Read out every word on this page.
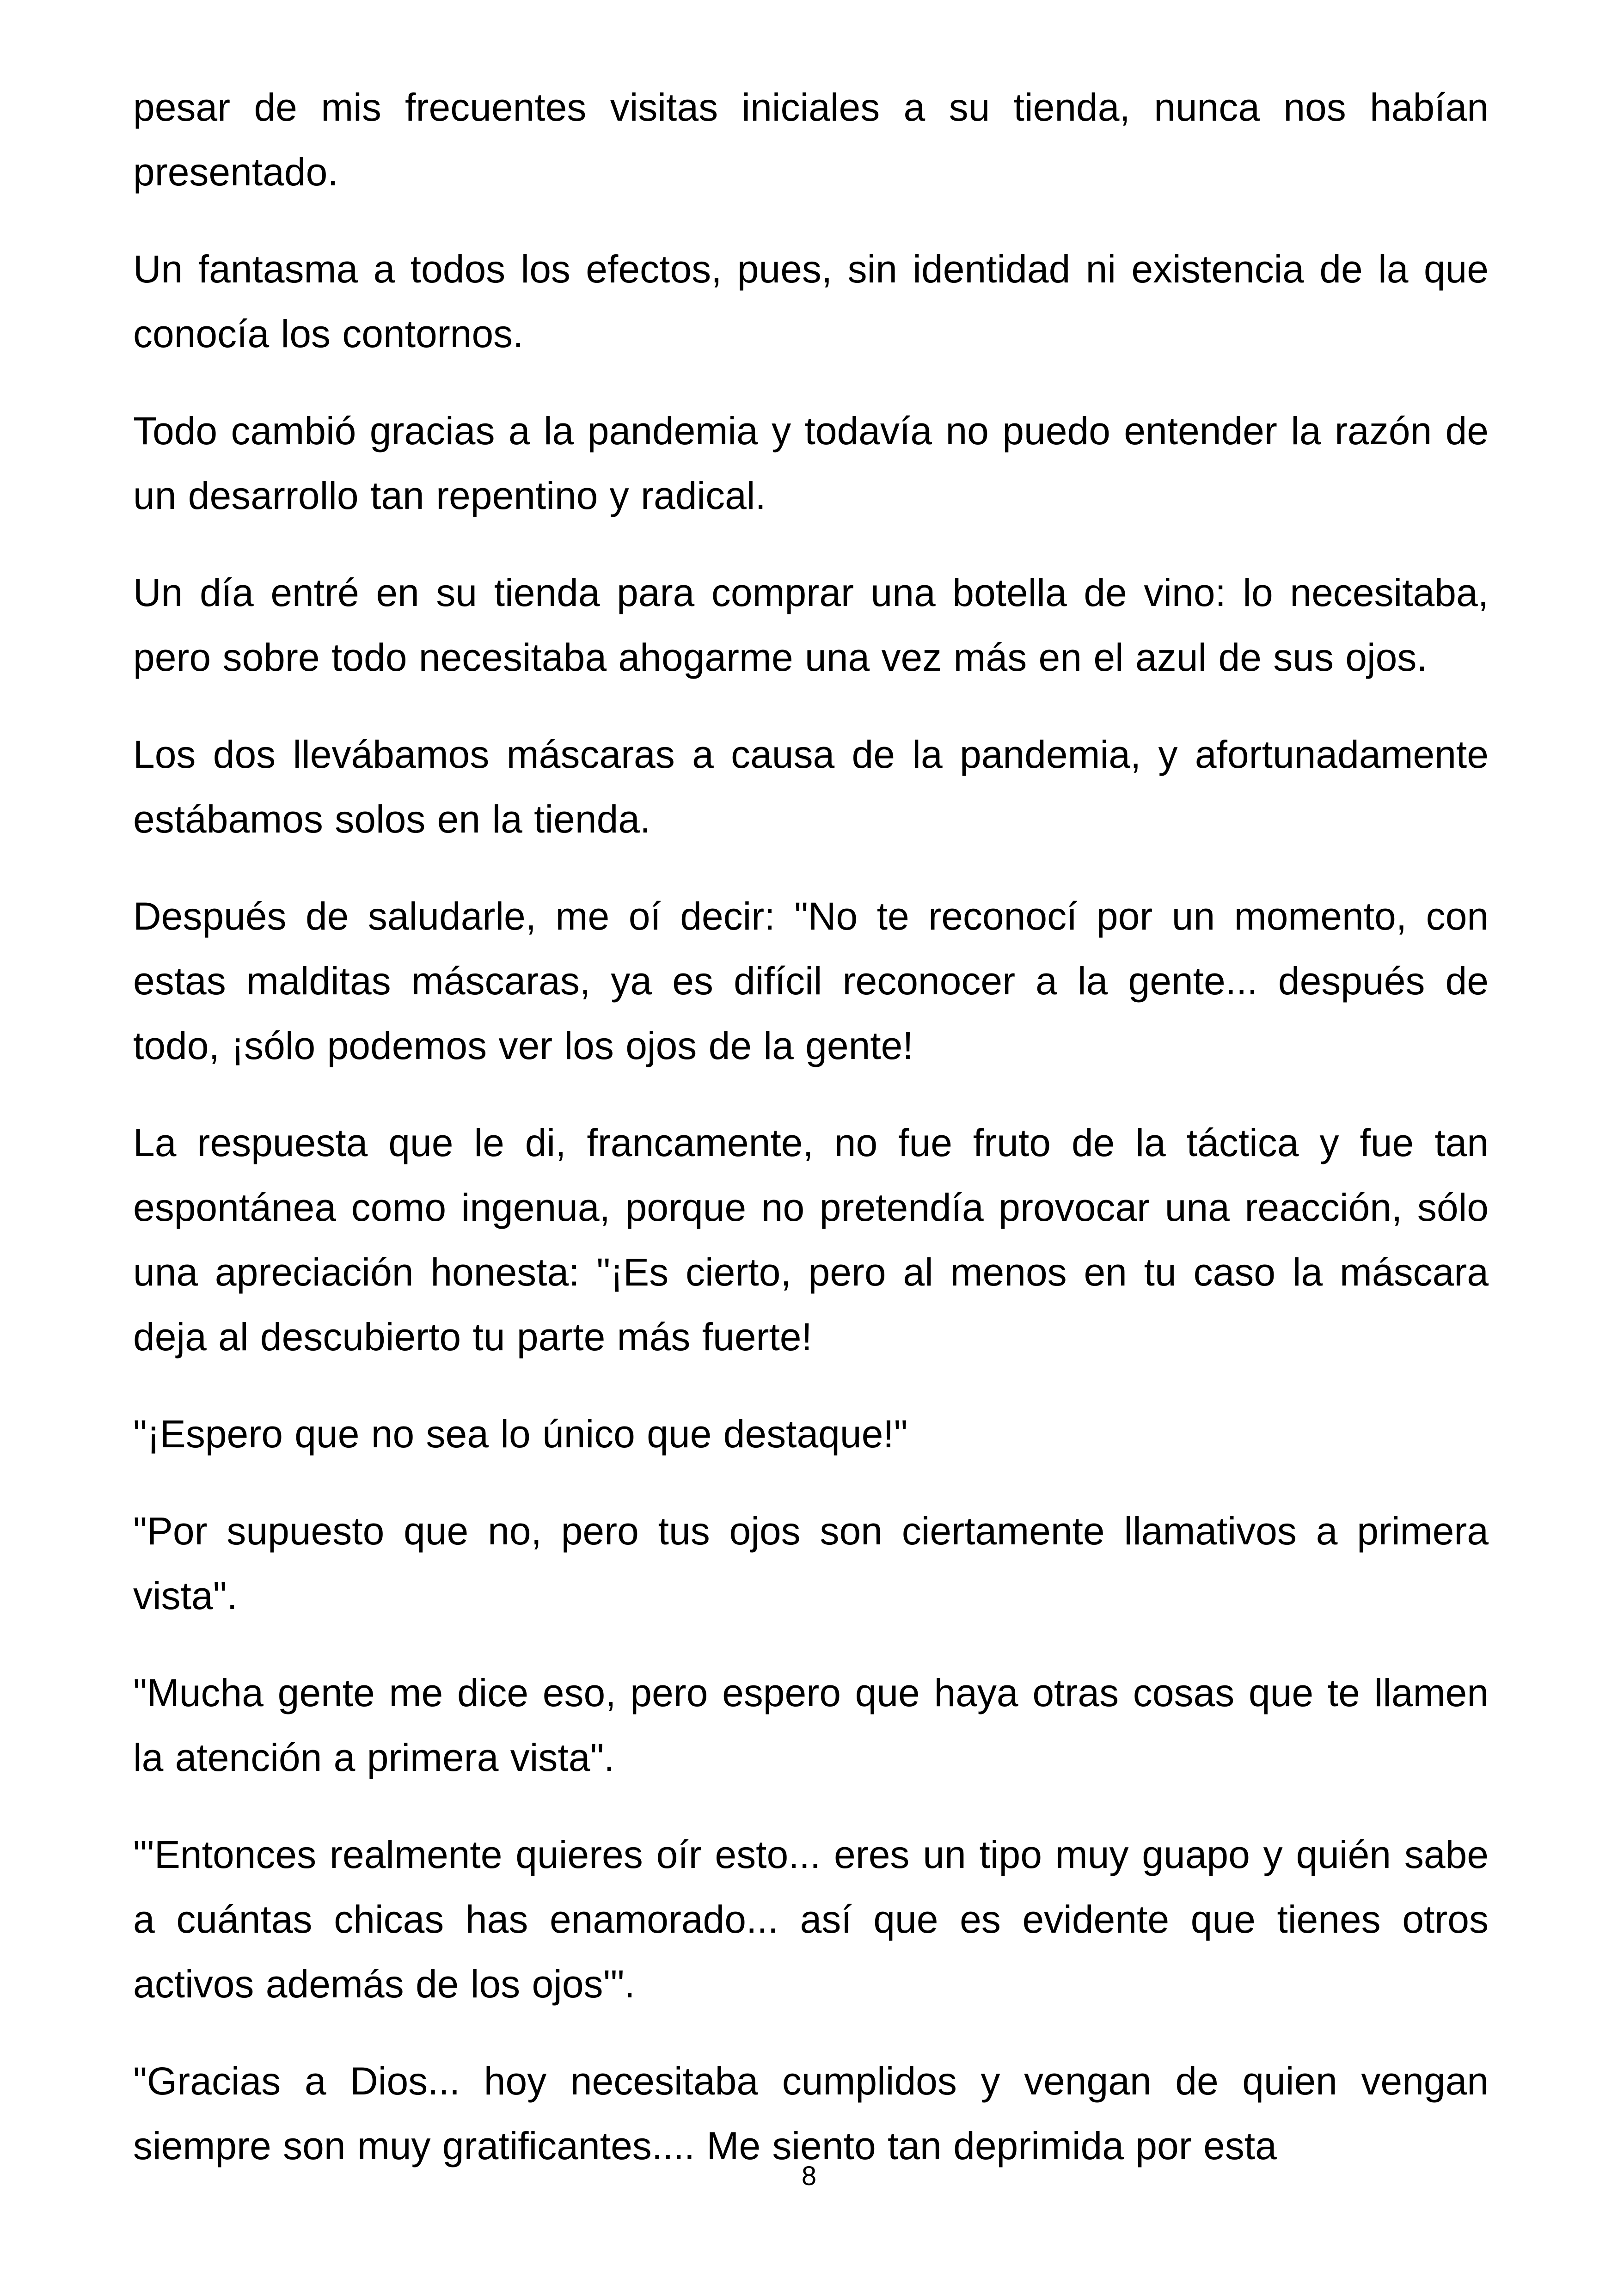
pesar de mis frecuentes visitas iniciales a su tienda, nunca nos habían presentado.

Un fantasma a todos los efectos, pues, sin identidad ni existencia de la que conocía los contornos.

Todo cambió gracias a la pandemia y todavía no puedo entender la razón de un desarrollo tan repentino y radical.

Un día entré en su tienda para comprar una botella de vino: lo necesitaba, pero sobre todo necesitaba ahogarme una vez más en el azul de sus ojos.

Los dos llevábamos máscaras a causa de la pandemia, y afortunadamente estábamos solos en la tienda.

Después de saludarle, me oí decir: "No te reconocí por un momento, con estas malditas máscaras, ya es difícil reconocer a la gente... después de todo, ¡sólo podemos ver los ojos de la gente!

La respuesta que le di, francamente, no fue fruto de la táctica y fue tan espontánea como ingenua, porque no pretendía provocar una reacción, sólo una apreciación honesta: "¡Es cierto, pero al menos en tu caso la máscara deja al descubierto tu parte más fuerte!

"¡Espero que no sea lo único que destaque!"

"Por supuesto que no, pero tus ojos son ciertamente llamativos a primera vista".

"Mucha gente me dice eso, pero espero que haya otras cosas que te llamen la atención a primera vista".

"'Entonces realmente quieres oír esto... eres un tipo muy guapo y quién sabe a cuántas chicas has enamorado... así que es evidente que tienes otros activos además de los ojos'".

"Gracias a Dios... hoy necesitaba cumplidos y vengan de quien vengan siempre son muy gratificantes.... Me siento tan deprimida por esta

8
